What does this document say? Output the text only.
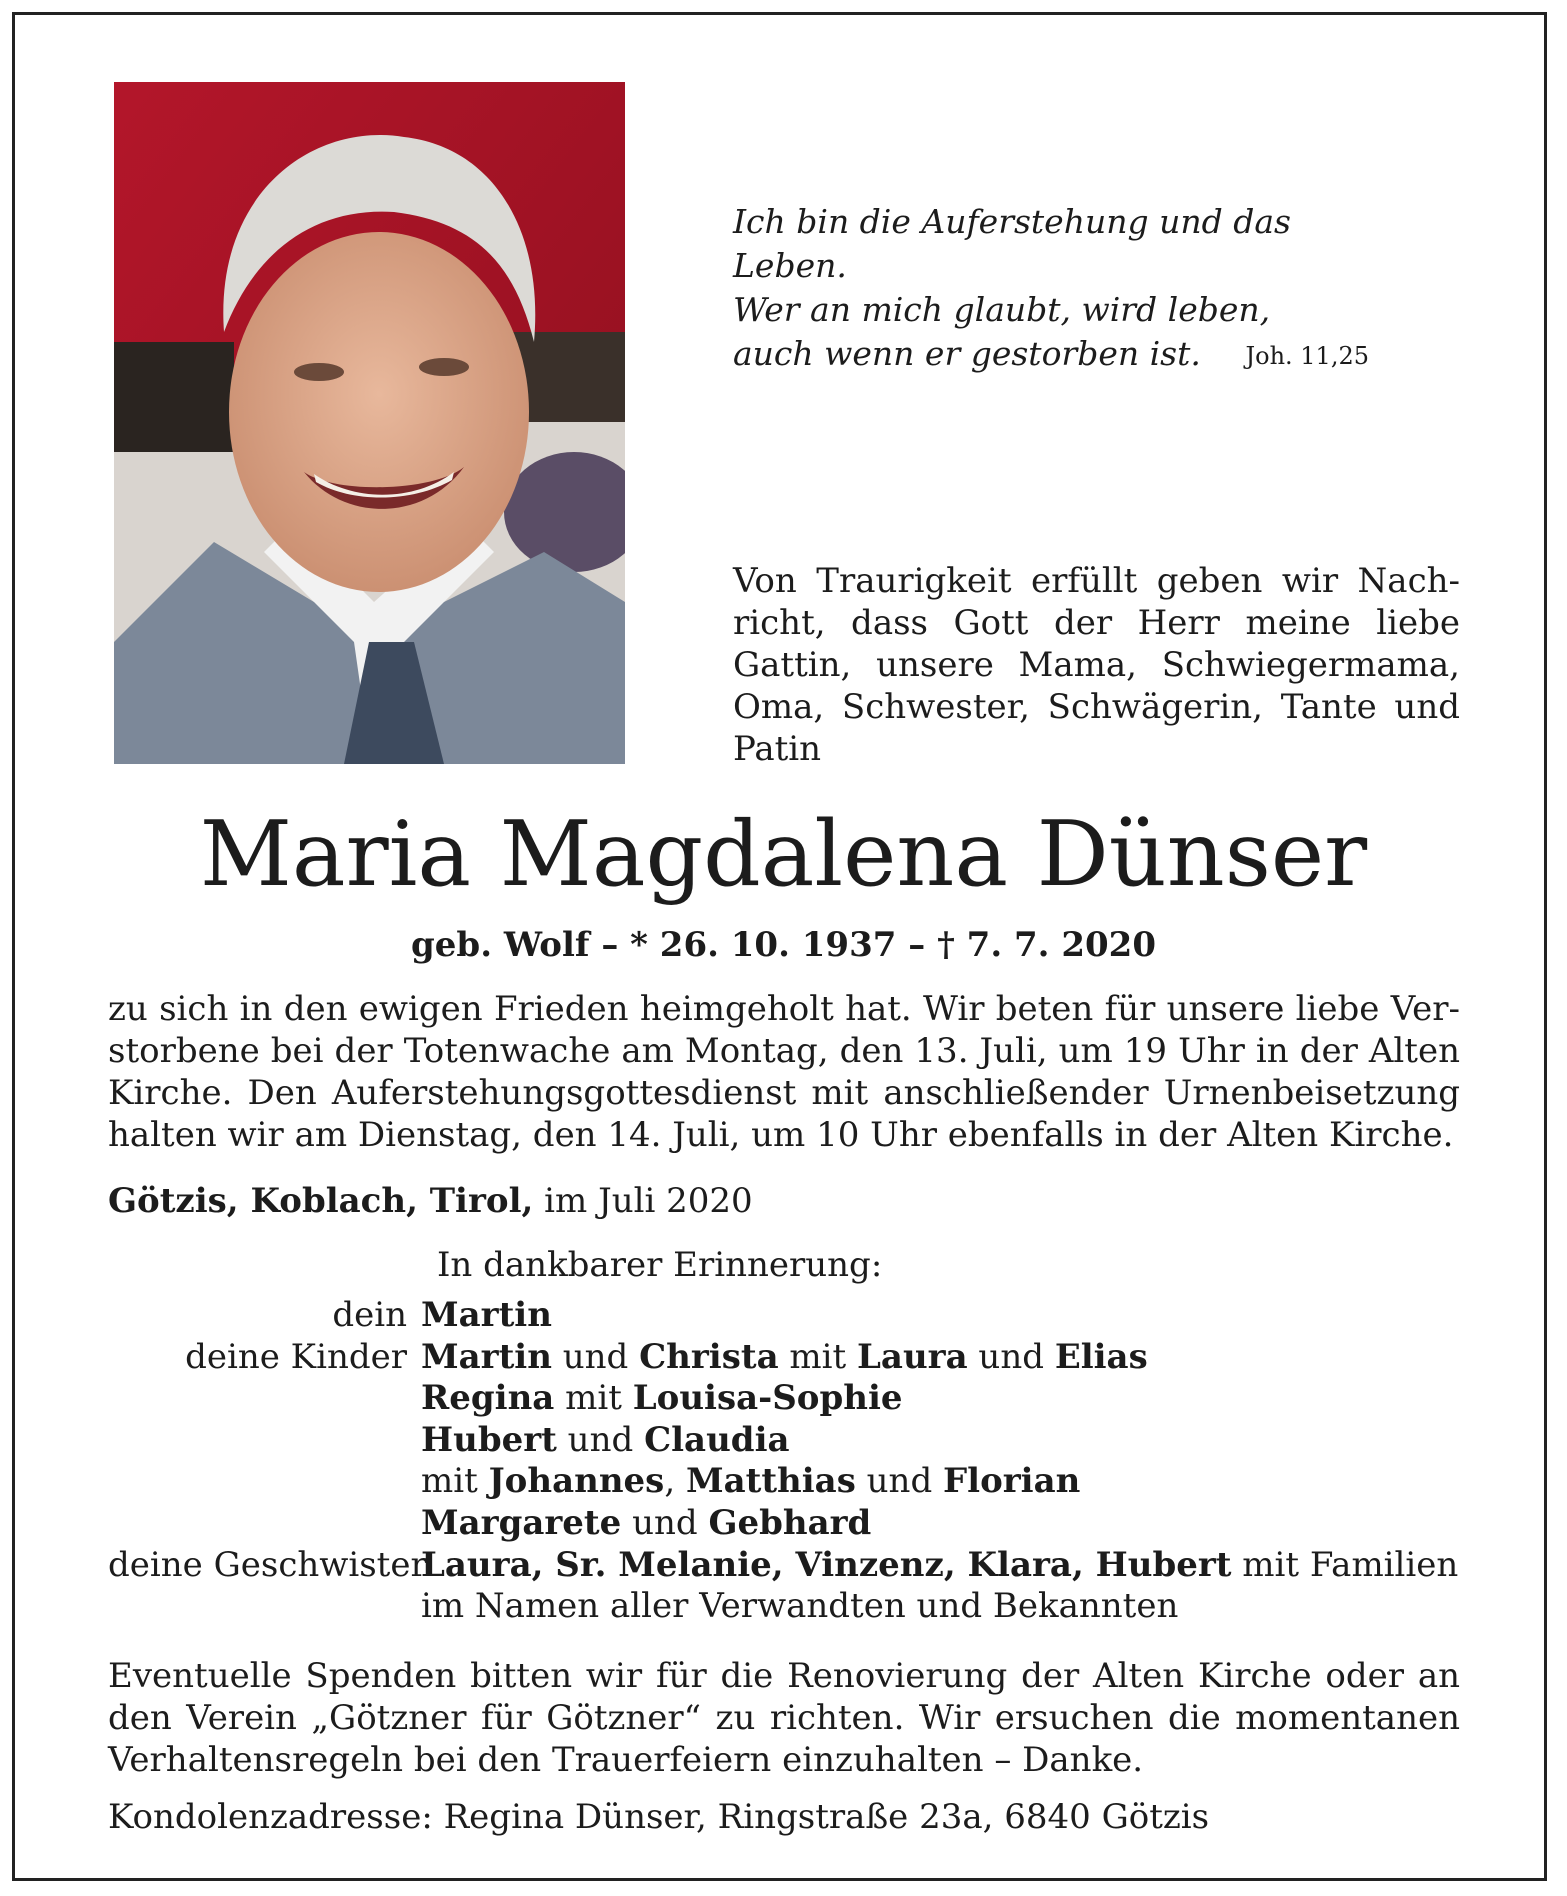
Ich bin die Auferstehung und das Leben.
Wer an mich glaubt, wird leben,
auch wenn er gestorben ist.	Joh. 11,25
Von Traurigkeit erfüllt geben wir Nach-
richt, dass Gott der Herr meine liebe
Gattin, unsere Mama, Schwiegermama,
Oma, Schwester, Schwägerin, Tante und
Patin
Maria Magdalena Dünser
geb. Wolf – * 26. 10. 1937 – † 7. 7. 2020
zu sich in den ewigen Frieden heimgeholt hat. Wir beten für unsere liebe Ver-
storbene bei der Totenwache am Montag, den 13. Juli, um 19 Uhr in der Alten
Kirche. Den Auferstehungsgottesdienst mit anschließender Urnenbeisetzung
halten wir am Dienstag, den 14. Juli, um 10 Uhr ebenfalls in der Alten Kirche.
Götzis, Koblach, Tirol, im Juli 2020
In dankbarer Erinnerung:
dein Martin
deine Kinder Martin und Christa mit Laura und Elias
Regina mit Louisa-Sophie
Hubert und Claudia
mit Johannes, Matthias und Florian
Margarete und Gebhard
deine Geschwister
Laura, Sr. Melanie, Vinzenz, Klara, Hubert mit Familien
im Namen aller Verwandten und Bekannten
Eventuelle Spenden bitten wir für die Renovierung der Alten Kirche oder an
den Verein „Götzner für Götzner“ zu richten. Wir ersuchen die momentanen
Verhaltensregeln bei den Trauerfeiern einzuhalten – Danke.
Kondolenzadresse: Regina Dünser, Ringstraße 23a, 6840 Götzis
